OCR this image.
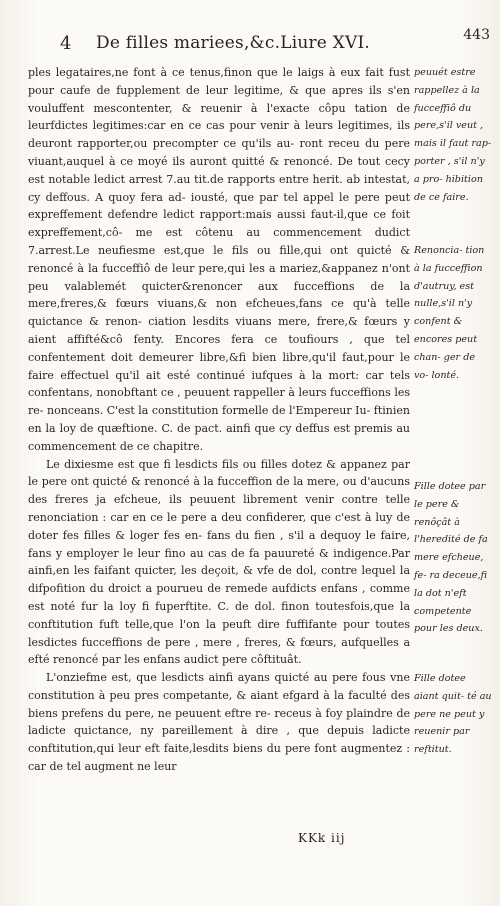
4 De filles mariees,&c.Liure XVI.	443

ples legataires,ne font à ce tenus,finon que le laigs à eux fait fust pour caufe de fupplement de leur legitime, & que apres ils s'en vouluffent mescontenter, & reuenir à l'exacte côpu tation de leurfdictes legitimes:car en ce cas pour venir à leurs legitimes, ils deuront rapporter,ou precompter ce qu'ils au- ront receu du pere viuant,auquel à ce moyé ils auront quitté & renoncé. De tout cecy est notable ledict arrest 7.au tit.de rapports entre herit. ab intestat, cy deffous. A quoy fera ad- iousté, que par tel appel le pere peut expreffement defendre ledict rapport:mais aussi faut-il,que ce foit expreffement,cô- me est côtenu au commencement dudict 7.arrest.Le neufiesme est,que le fils ou fille,qui ont quicté & renoncé à la fucceffiô de leur pere,qui les a mariez,&appanez n'ont peu valablemét quicter&renoncer aux fucceffions de la mere,freres,& fœurs viuans,& non efcheues,fans ce qu'à telle quictance & renon- ciation lesdits viuans mere, frere,& fœurs y aient affifté&cô fenty. Encores fera ce toufiours , que tel confentement doit demeurer libre,&fi bien libre,qu'il faut,pour le faire effectuel qu'il ait esté continué iufques à la mort: car tels confentans, nonobftant ce , peuuent rappeller à leurs fucceffions les re- nonceans. C'est la constitution formelle de l'Empereur Iu- ftinien en la loy de quæftione. C. de pact. ainfi que cy deffus est premis au commencement de ce chapitre.

Le dixiesme est que fi lesdicts fils ou filles dotez & appanez par le pere ont quicté & renoncé à la fucceffion de la mere, ou d'aucuns des freres ja efcheue, ils peuuent librement venir contre telle renonciation : car en ce le pere a deu confiderer, que c'est à luy de doter fes filles & loger fes en- fans du fien , s'il a dequoy le faire, fans y employer le leur fino au cas de fa pauureté & indigence.Par ainfi,en les faifant quicter, les deçoit, & vfe de dol, contre lequel la difpofition du droict a pourueu de remede aufdicts enfans , comme est noté fur la loy fi fuperftite. C. de dol. finon toutesfois,que la conftitution fuft telle,que l'on la peuft dire fuffifante pour toutes lesdictes fucceffions de pere , mere , freres, & fœurs, aufquelles a efté renoncé par les enfans audict pere côftituât.

L'onziefme est, que lesdicts ainfi ayans quicté au pere fous vne constitution à peu pres competante, & aiant efgard à la faculté des biens prefens du pere, ne peuuent eftre re- receus à foy plaindre de ladicte quictance, ny pareillement à dire , que depuis ladicte conftitution,qui leur eft faite,lesdits biens du pere font augmentez : car de tel augment ne leur

peuuét estre rappellez à la fucceffiô du pere,s'il veut , mais il faut rap- porter , s'il n'y a pro- hibition de ce faire.

Renoncia- tion à la fucceffion d'autruy, est nulle,s'il n'y confent & encores peut chan- ger de vo- lonté.

Fille dotee par le pere & renôçât à l'heredité de fa mere efcheue, fe- ra deceue,fi la dot n'eft competente pour les deux.

Fille dotee aiant quit- té au pere ne peut y reuenir par reftitut.

KKk iij
